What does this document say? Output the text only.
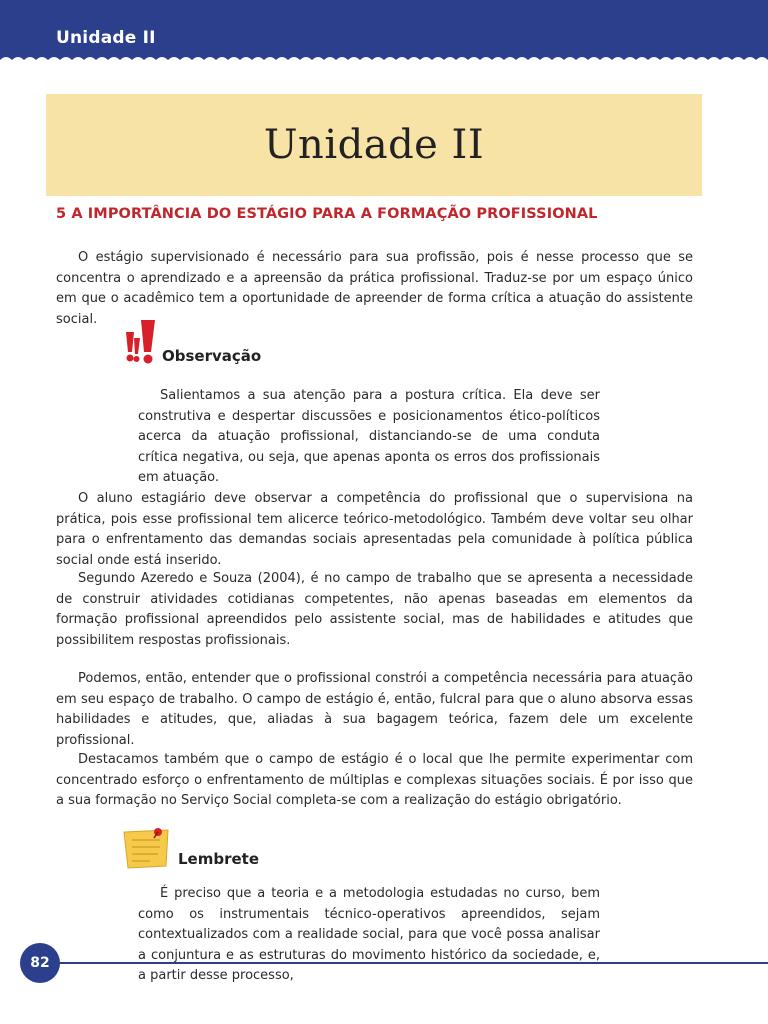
Unidade II
Unidade II
5 A IMPORTÂNCIA DO ESTÁGIO PARA A FORMAÇÃO PROFISSIONAL

O estágio supervisionado é necessário para sua profissão, pois é nesse processo que se concentra o aprendizado e a apreensão da prática profissional. Traduz-se por um espaço único em que o acadêmico tem a oportunidade de apreender de forma crítica a atuação do assistente social.

Observação

Salientamos a sua atenção para a postura crítica. Ela deve ser construtiva e despertar discussões e posicionamentos ético-políticos acerca da atuação profissional, distanciando-se de uma conduta crítica negativa, ou seja, que apenas aponta os erros dos profissionais em atuação.

O aluno estagiário deve observar a competência do profissional que o supervisiona na prática, pois esse profissional tem alicerce teórico-metodológico. Também deve voltar seu olhar para o enfrentamento das demandas sociais apresentadas pela comunidade à política pública social onde está inserido.

Segundo Azeredo e Souza (2004), é no campo de trabalho que se apresenta a necessidade de construir atividades cotidianas competentes, não apenas baseadas em elementos da formação profissional apreendidos pelo assistente social, mas de habilidades e atitudes que possibilitem respostas profissionais.

Podemos, então, entender que o profissional constrói a competência necessária para atuação em seu espaço de trabalho. O campo de estágio é, então, fulcral para que o aluno absorva essas habilidades e atitudes, que, aliadas à sua bagagem teórica, fazem dele um excelente profissional.

Destacamos também que o campo de estágio é o local que lhe permite experimentar com concentrado esforço o enfrentamento de múltiplas e complexas situações sociais. É por isso que a sua formação no Serviço Social completa-se com a realização do estágio obrigatório.

Lembrete

É preciso que a teoria e a metodologia estudadas no curso, bem como os instrumentais técnico-operativos apreendidos, sejam contextualizados com a realidade social, para que você possa analisar a conjuntura e as estruturas do movimento histórico da sociedade, e, a partir desse processo,

82
